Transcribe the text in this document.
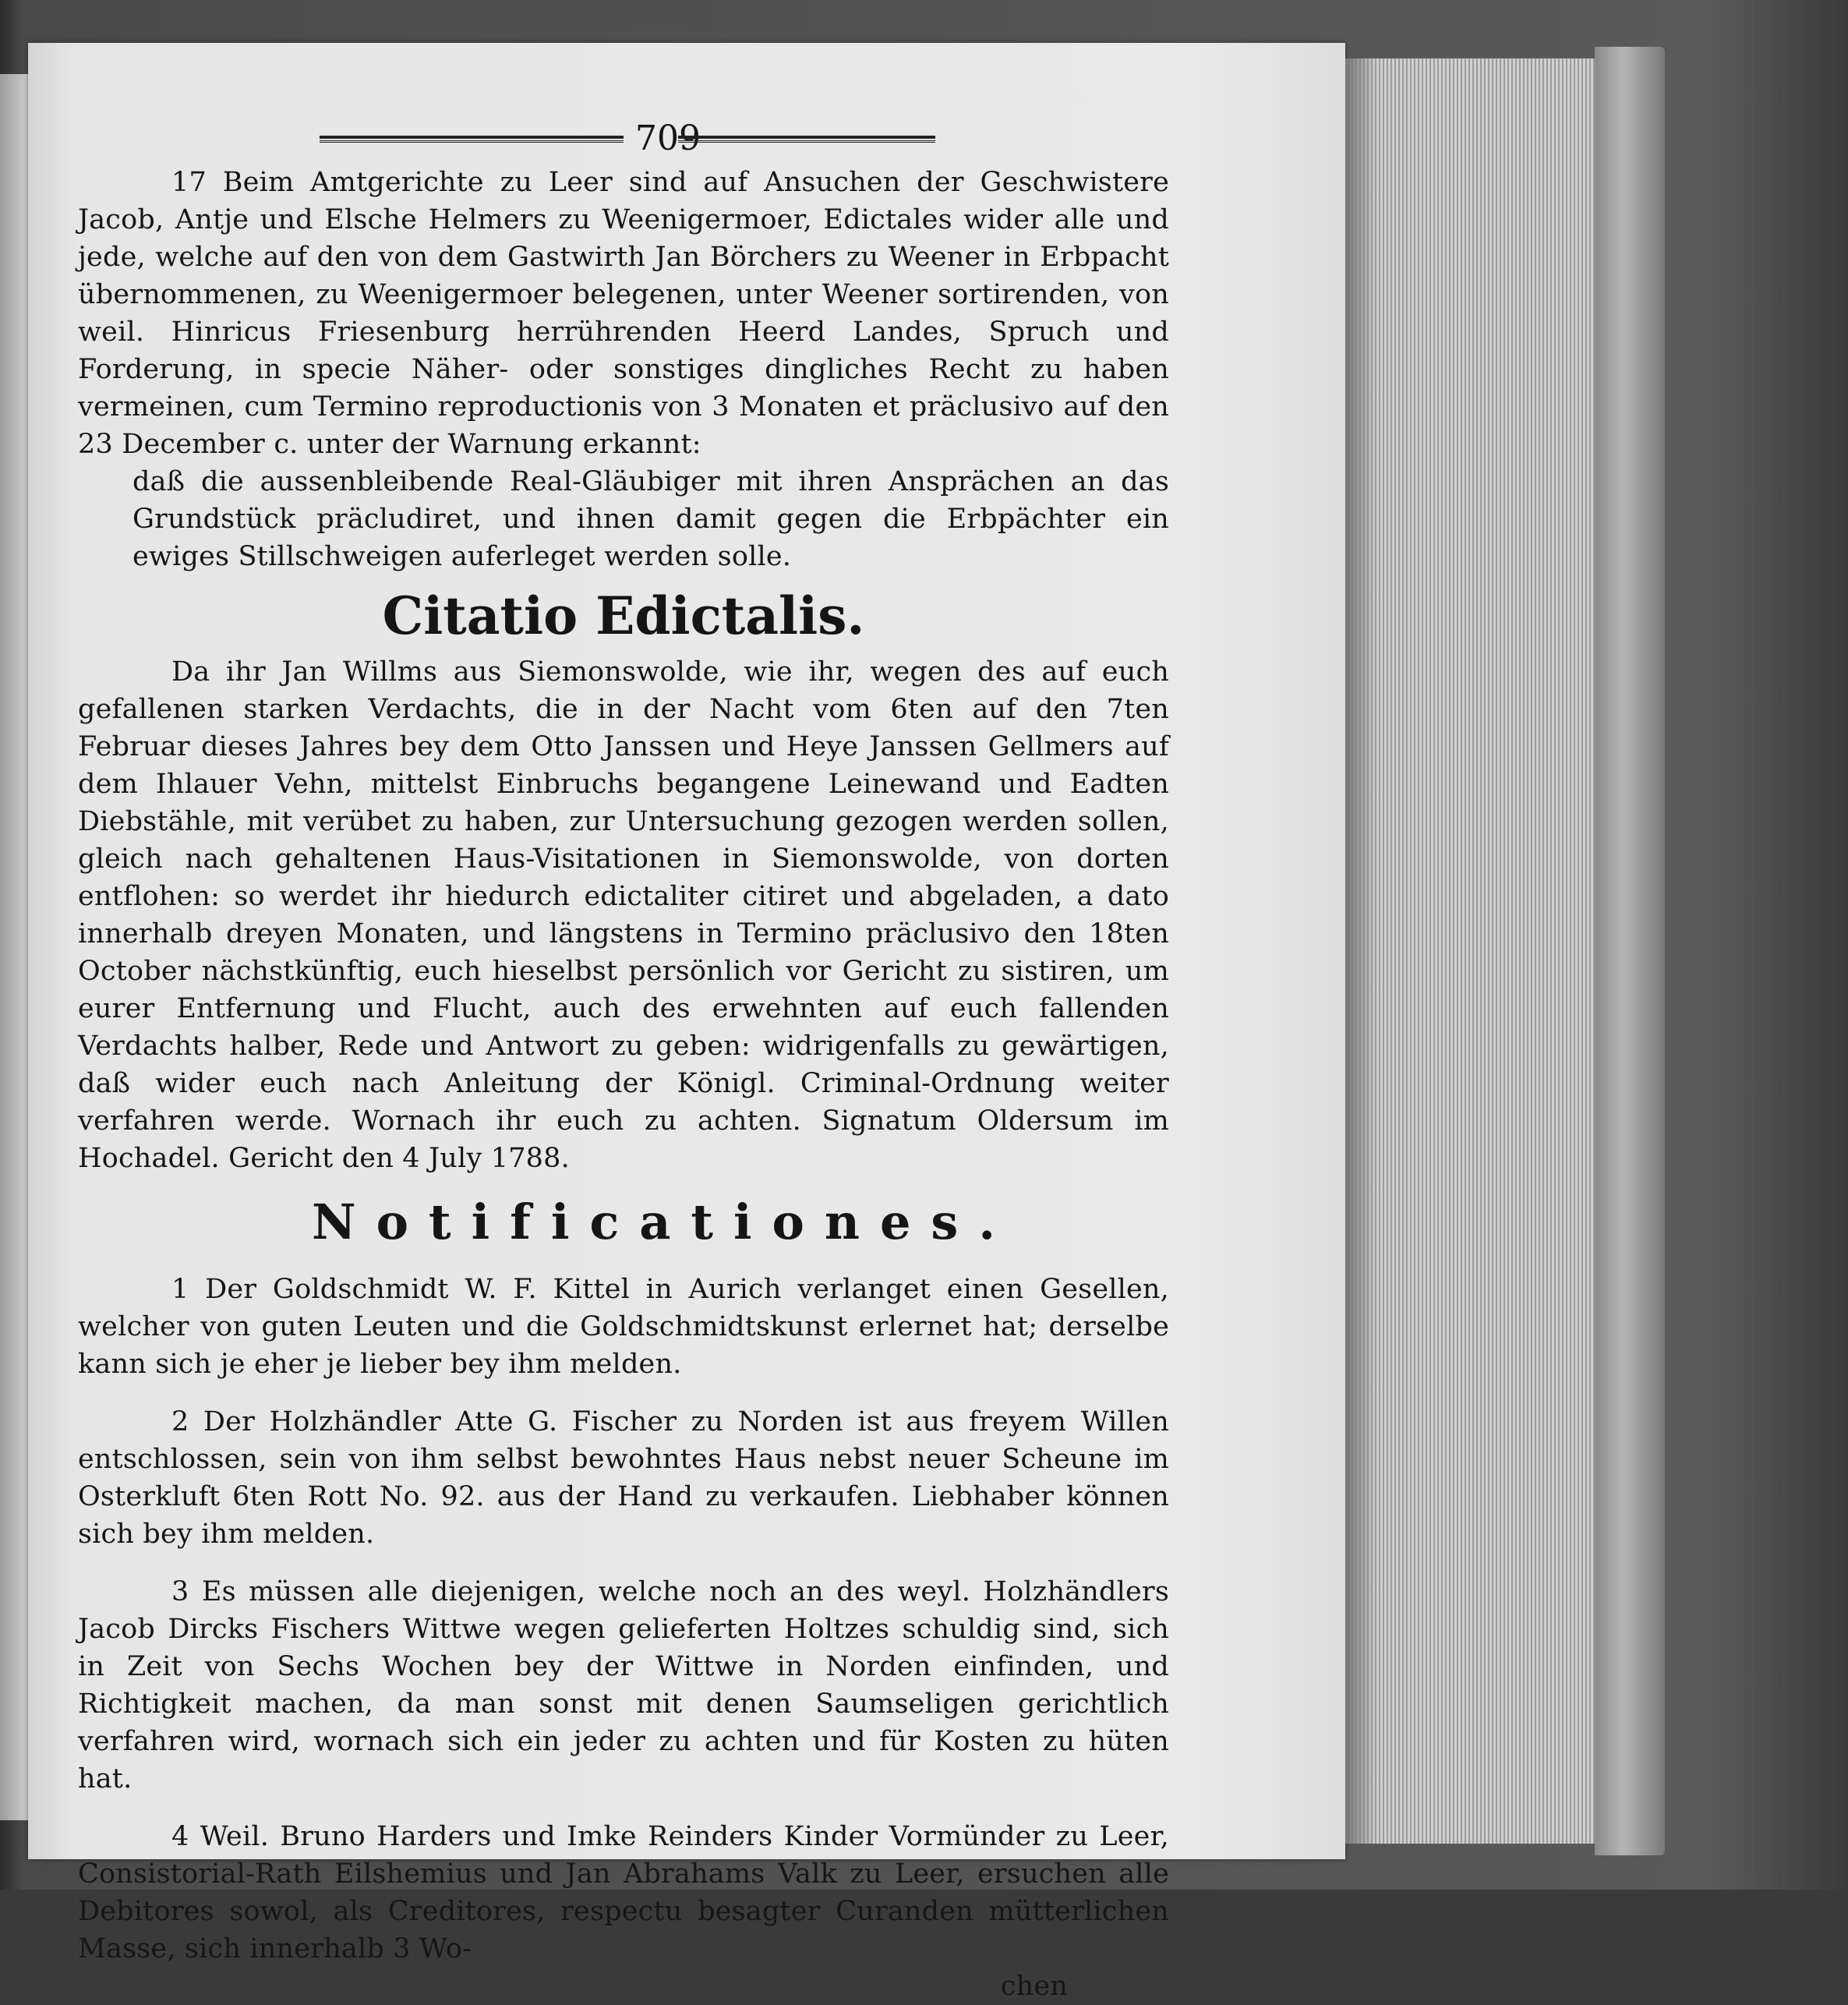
709

17 Beim Amtgerichte zu Leer sind auf Ansuchen der Geschwistere Jacob, Antje und Elsche Helmers zu Weenigermoer, Edictales wider alle und jede, welche auf den von dem Gastwirth Jan Börchers zu Weener in Erbpacht übernommenen, zu Weenigermoer belegenen, unter Weener sortirenden, von weil. Hinricus Friesenburg herrührenden Heerd Landes, Spruch und Forderung, in specie Näher- oder sonstiges dingliches Recht zu haben vermeinen, cum Termino reproductionis von 3 Monaten et präclusivo auf den 23 December c. unter der Warnung erkannt:

daß die aussenbleibende Real-Gläubiger mit ihren Ansprächen an das Grundstück präcludiret, und ihnen damit gegen die Erbpächter ein ewiges Stillschweigen auferleget werden solle.

Citatio Edictalis.

Da ihr Jan Willms aus Siemonswolde, wie ihr, wegen des auf euch gefallenen starken Verdachts, die in der Nacht vom 6ten auf den 7ten Februar dieses Jahres bey dem Otto Janssen und Heye Janssen Gellmers auf dem Ihlauer Vehn, mittelst Einbruchs begangene Leinewand und Eadten Diebstähle, mit verübet zu haben, zur Untersuchung gezogen werden sollen, gleich nach gehaltenen Haus-Visitationen in Siemonswolde, von dorten entflohen: so werdet ihr hiedurch edictaliter citiret und abgeladen, a dato innerhalb dreyen Monaten, und längstens in Termino präclusivo den 18ten October nächstkünftig, euch hieselbst persönlich vor Gericht zu sistiren, um eurer Entfernung und Flucht, auch des erwehnten auf euch fallenden Verdachts halber, Rede und Antwort zu geben: widrigenfalls zu gewärtigen, daß wider euch nach Anleitung der Königl. Criminal-Ordnung weiter verfahren werde. Wornach ihr euch zu achten. Signatum Oldersum im Hochadel. Gericht den 4 July 1788.

Notificationes.

1 Der Goldschmidt W. F. Kittel in Aurich verlanget einen Gesellen, welcher von guten Leuten und die Goldschmidtskunst erlernet hat; derselbe kann sich je eher je lieber bey ihm melden.

2 Der Holzhändler Atte G. Fischer zu Norden ist aus freyem Willen entschlossen, sein von ihm selbst bewohntes Haus nebst neuer Scheune im Osterkluft 6ten Rott No. 92. aus der Hand zu verkaufen. Liebhaber können sich bey ihm melden.

3 Es müssen alle diejenigen, welche noch an des weyl. Holzhändlers Jacob Dircks Fischers Wittwe wegen gelieferten Holtzes schuldig sind, sich in Zeit von Sechs Wochen bey der Wittwe in Norden einfinden, und Richtigkeit machen, da man sonst mit denen Saumseligen gerichtlich verfahren wird, wornach sich ein jeder zu achten und für Kosten zu hüten hat.

4 Weil. Bruno Harders und Imke Reinders Kinder Vormünder zu Leer, Consistorial-Rath Eilshemius und Jan Abrahams Valk zu Leer, ersuchen alle Debitores sowol, als Creditores, respectu besagter Curanden mütterlichen Masse, sich innerhalb 3 Wo-

chen
